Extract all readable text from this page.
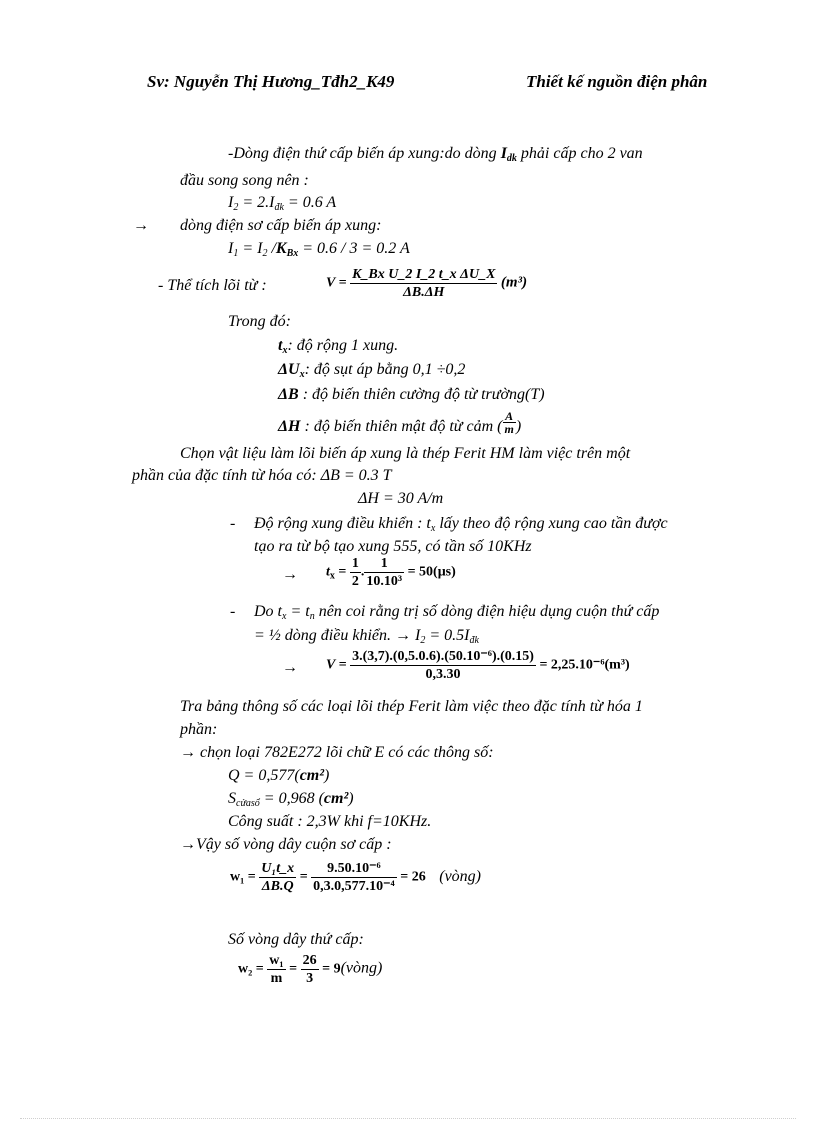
Sv: Nguyễn Thị Hương_Tđh2_K49	Thiết kế nguồn điện phân
-Dòng điện thứ cấp biến áp xung:do dòng $I_{dk}$ phải cấp cho 2 van
đầu song song nên :
$I_2 = 2.I_{đk} = 0.6$ A
→ dòng điện sơ cấp biến áp xung:
$I_1 = I_2$ $/K_{Bx} = 0.6 / 3 = 0.2$ A
- Thể tích lõi từ :	$V = \frac{\text{K\_Bx U\_2 I\_2 t\_x ΔU\_X}}{\Delta B.\Delta H} (m^3)$
Trong đó:
$t_x$: độ rộng 1 xung.
$\Delta U_x$: độ sụt áp bằng 0,1 ÷0,2
ΔB : độ biến thiên cường độ từ trường(T)
ΔH : độ biến thiên mật độ từ cảm ( $\frac{A}{m}$ )
Chọn vật liệu làm lõi biến áp xung là thép Ferit HM làm việc trên một
phần của đặc tính từ hóa có: ΔB = 0.3 T
ΔH = 30 A/m
- Độ rộng xung điều khiển : $t_x$ lấy theo độ rộng xung cao tần được
tạo ra từ bộ tạo xung 555, có tần số 10KHz
→ $t_x = \frac{1}{2}$ . $\frac{1}{\text{10.10³}} = 50(\mu s)$
- Do $t_x = t_n$ nên coi rằng trị số dòng điện hiệu dụng cuộn thứ cấp
= ½ dòng điều khiển. → $I_2 = 0.5I_{đk}$
→ $V = \frac{\text{3.(3,7).(0,5.0.6).(50.10⁻⁶).(0.15)}}{0,3.30} = 2,25.10^{-6}(m^3)$
Tra bảng thông số các loại lõi thép Ferit làm việc theo đặc tính từ hóa 1
phần:
→ chọn loại 782E272 lõi chữ E có các thông số:
Q = 0,577(cm²)
$S_{cửasổ} = 0,968$ (cm²)
Công suất : 2,3W khi f=10KHz.
→Vậy số vòng dây cuộn sơ cấp :
$w_1 = \frac{\text{U₁t\_x}}{\Delta B.Q} = \frac{\text{9.50.10⁻⁶}}{\text{0,3.0,577.10⁻⁴}} = 26$ (vòng)
Số vòng dây thứ cấp:
$w_2 = \frac{\text{w₁}}{m} = \frac{26}{3}$ = 9(vòng)
